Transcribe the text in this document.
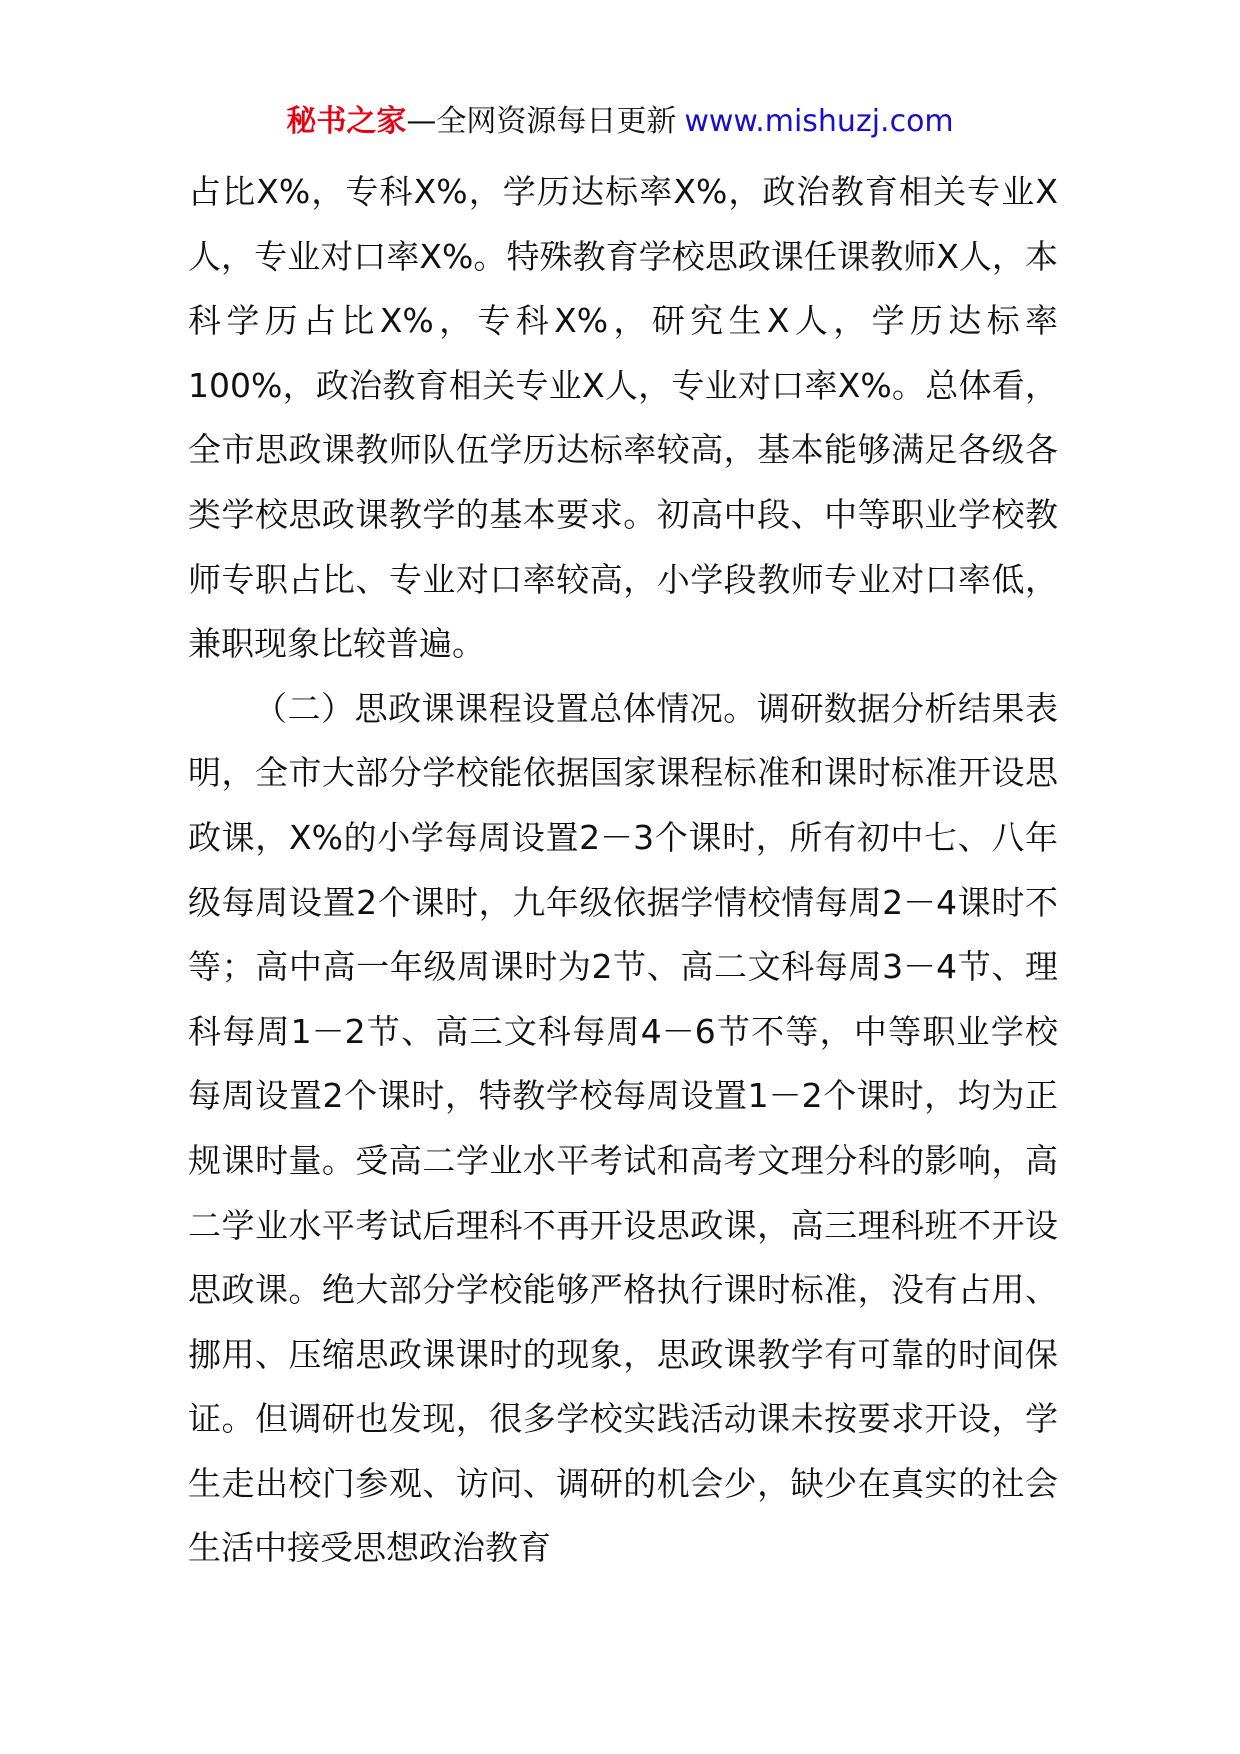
秘书之家—全网资源每日更新 www.mishuzj.com

占比X%，专科X%，学历达标率X%，政治教育相关专业X人，专业对口率X%。特殊教育学校思政课任课教师X人，本科学历占比X%，专科X%，研究生X人，学历达标率100%，政治教育相关专业X人，专业对口率X%。总体看，全市思政课教师队伍学历达标率较高，基本能够满足各级各类学校思政课教学的基本要求。初高中段、中等职业学校教师专职占比、专业对口率较高，小学段教师专业对口率低，兼职现象比较普遍。

（二）思政课课程设置总体情况。调研数据分析结果表明，全市大部分学校能依据国家课程标准和课时标准开设思政课，X%的小学每周设置2－3个课时，所有初中七、八年级每周设置2个课时，九年级依据学情校情每周2－4课时不等；高中高一年级周课时为2节、高二文科每周3－4节、理科每周1－2节、高三文科每周4－6节不等，中等职业学校每周设置2个课时，特教学校每周设置1－2个课时，均为正规课时量。受高二学业水平考试和高考文理分科的影响，高二学业水平考试后理科不再开设思政课，高三理科班不开设思政课。绝大部分学校能够严格执行课时标准，没有占用、挪用、压缩思政课课时的现象，思政课教学有可靠的时间保证。但调研也发现，很多学校实践活动课未按要求开设，学生走出校门参观、访问、调研的机会少，缺少在真实的社会生活中接受思想政治教育
